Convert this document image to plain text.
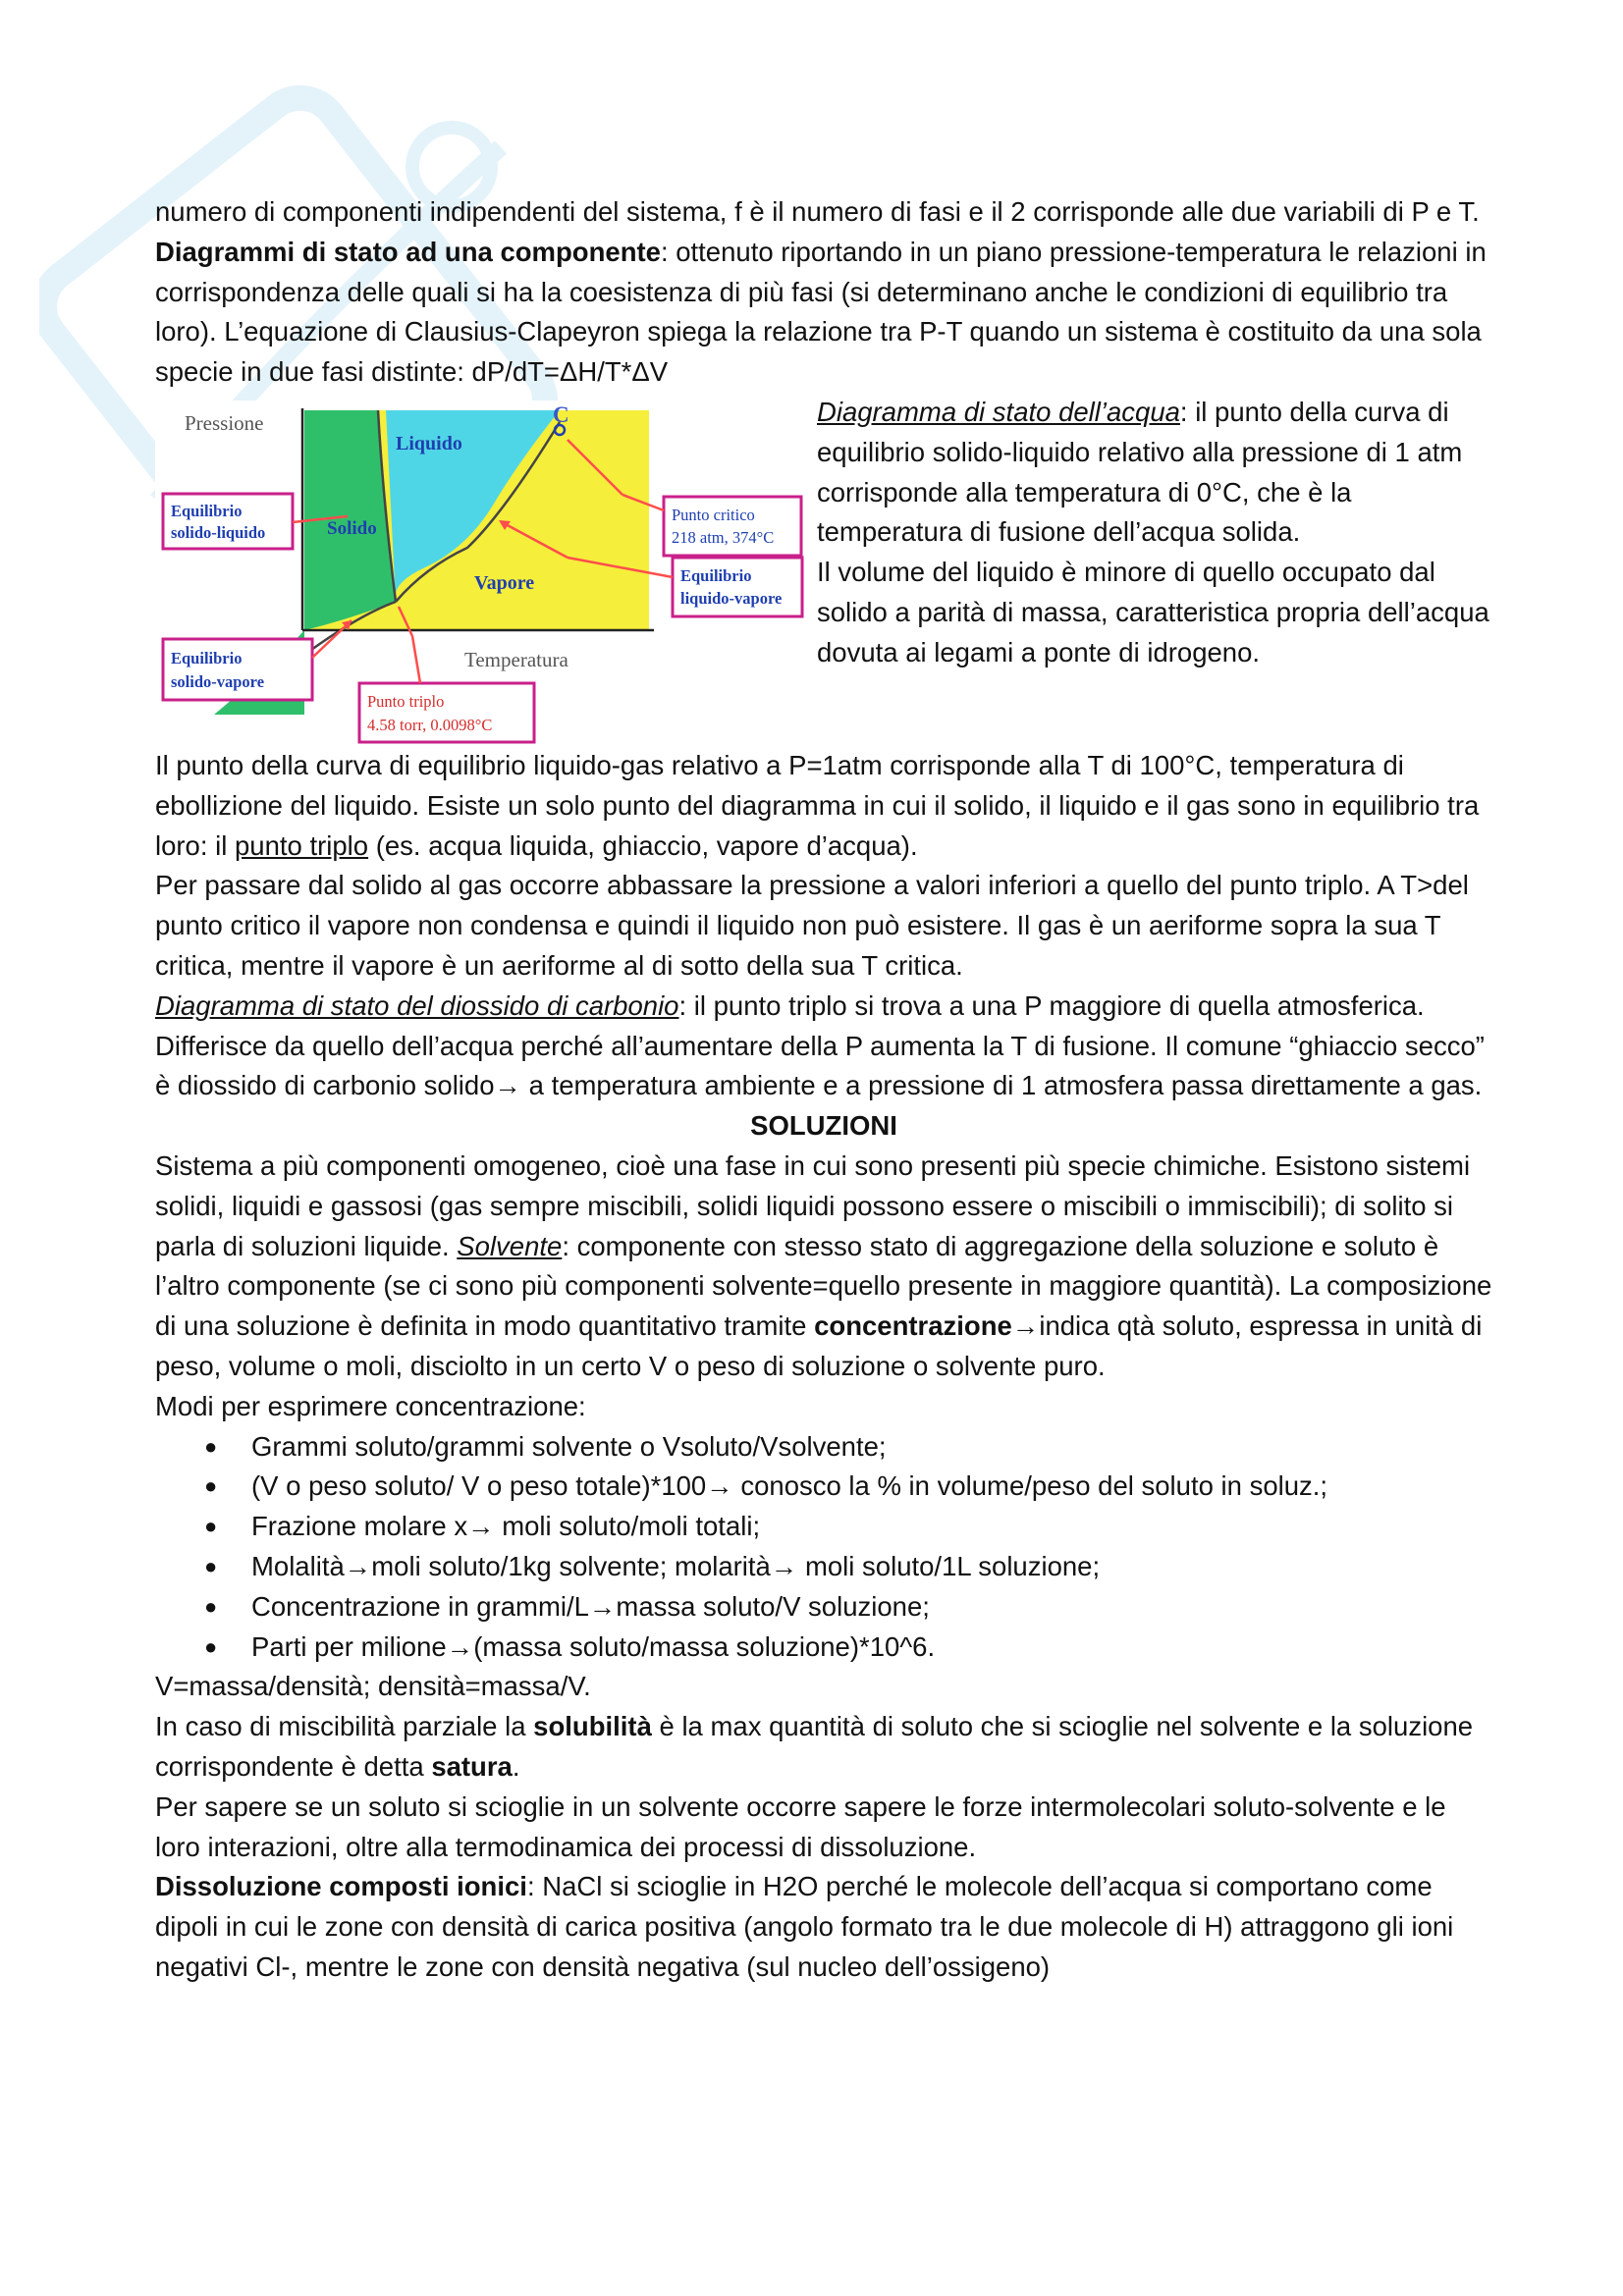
numero di componenti indipendenti del sistema, f è il numero di fasi e il 2 corrisponde alle due variabili di P e T.

Diagrammi di stato ad una componente: ottenuto riportando in un piano pressione-temperatura le relazioni in corrispondenza delle quali si ha la coesistenza di più fasi (si determinano anche le condizioni di equilibrio tra loro). L’equazione di Clausius-Clapeyron spiega la relazione tra P-T quando un sistema è costituito da una sola specie in due fasi distinte: dP/dT=ΔH/T*ΔV

Pressione
Temperatura
Liquido
Solido
Vapore
C
Equilibrio
solido-liquido
Equilibrio
solido-vapore
Punto critico
218 atm, 374°C
Equilibrio
liquido-vapore
Punto triplo
4.58 torr, 0.0098°C

Diagramma di stato dell’acqua: il punto della curva di equilibrio solido-liquido relativo alla pressione di 1 atm corrisponde alla temperatura di 0°C, che è la temperatura di fusione dell’acqua solida.

Il volume del liquido è minore di quello occupato dal solido a parità di massa, caratteristica propria dell’acqua dovuta ai legami a ponte di idrogeno.

Il punto della curva di equilibrio liquido-gas relativo a P=1atm corrisponde alla T di 100°C, temperatura di ebollizione del liquido. Esiste un solo punto del diagramma in cui il solido, il liquido e il gas sono in equilibrio tra loro: il punto triplo (es. acqua liquida, ghiaccio, vapore d’acqua).

Per passare dal solido al gas occorre abbassare la pressione a valori inferiori a quello del punto triplo. A T>del punto critico il vapore non condensa e quindi il liquido non può esistere. Il gas è un aeriforme sopra la sua T critica, mentre il vapore è un aeriforme al di sotto della sua T critica.

Diagramma di stato del diossido di carbonio: il punto triplo si trova a una P maggiore di quella atmosferica. Differisce da quello dell’acqua perché all’aumentare della P aumenta la T di fusione. Il comune “ghiaccio secco” è diossido di carbonio solido→ a temperatura ambiente e a pressione di 1 atmosfera passa direttamente a gas.

SOLUZIONI

Sistema a più componenti omogeneo, cioè una fase in cui sono presenti più specie chimiche. Esistono sistemi solidi, liquidi e gassosi (gas sempre miscibili, solidi liquidi possono essere o miscibili o immiscibili); di solito si parla di soluzioni liquide. Solvente: componente con stesso stato di aggregazione della soluzione e soluto è l’altro componente (se ci sono più componenti solvente=quello presente in maggiore quantità). La composizione di una soluzione è definita in modo quantitativo tramite concentrazione→indica qtà soluto, espressa in unità di peso, volume o moli, disciolto in un certo V o peso di soluzione o solvente puro.

Modi per esprimere concentrazione:

● Grammi soluto/grammi solvente o Vsoluto/Vsolvente;
● (V o peso soluto/ V o peso totale)*100→ conosco la % in volume/peso del soluto in soluz.;
● Frazione molare x→ moli soluto/moli totali;
● Molalità→moli soluto/1kg solvente; molarità→ moli soluto/1L soluzione;
● Concentrazione in grammi/L→massa soluto/V soluzione;
● Parti per milione→(massa soluto/massa soluzione)*10^6.

V=massa/densità; densità=massa/V.

In caso di miscibilità parziale la solubilità è la max quantità di soluto che si scioglie nel solvente e la soluzione corrispondente è detta satura.

Per sapere se un soluto si scioglie in un solvente occorre sapere le forze intermolecolari soluto-solvente e le loro interazioni, oltre alla termodinamica dei processi di dissoluzione.

Dissoluzione composti ionici: NaCl si scioglie in H2O perché le molecole dell’acqua si comportano come dipoli in cui le zone con densità di carica positiva (angolo formato tra le due molecole di H) attraggono gli ioni negativi Cl-, mentre le zone con densità negativa (sul nucleo dell’ossigeno)
